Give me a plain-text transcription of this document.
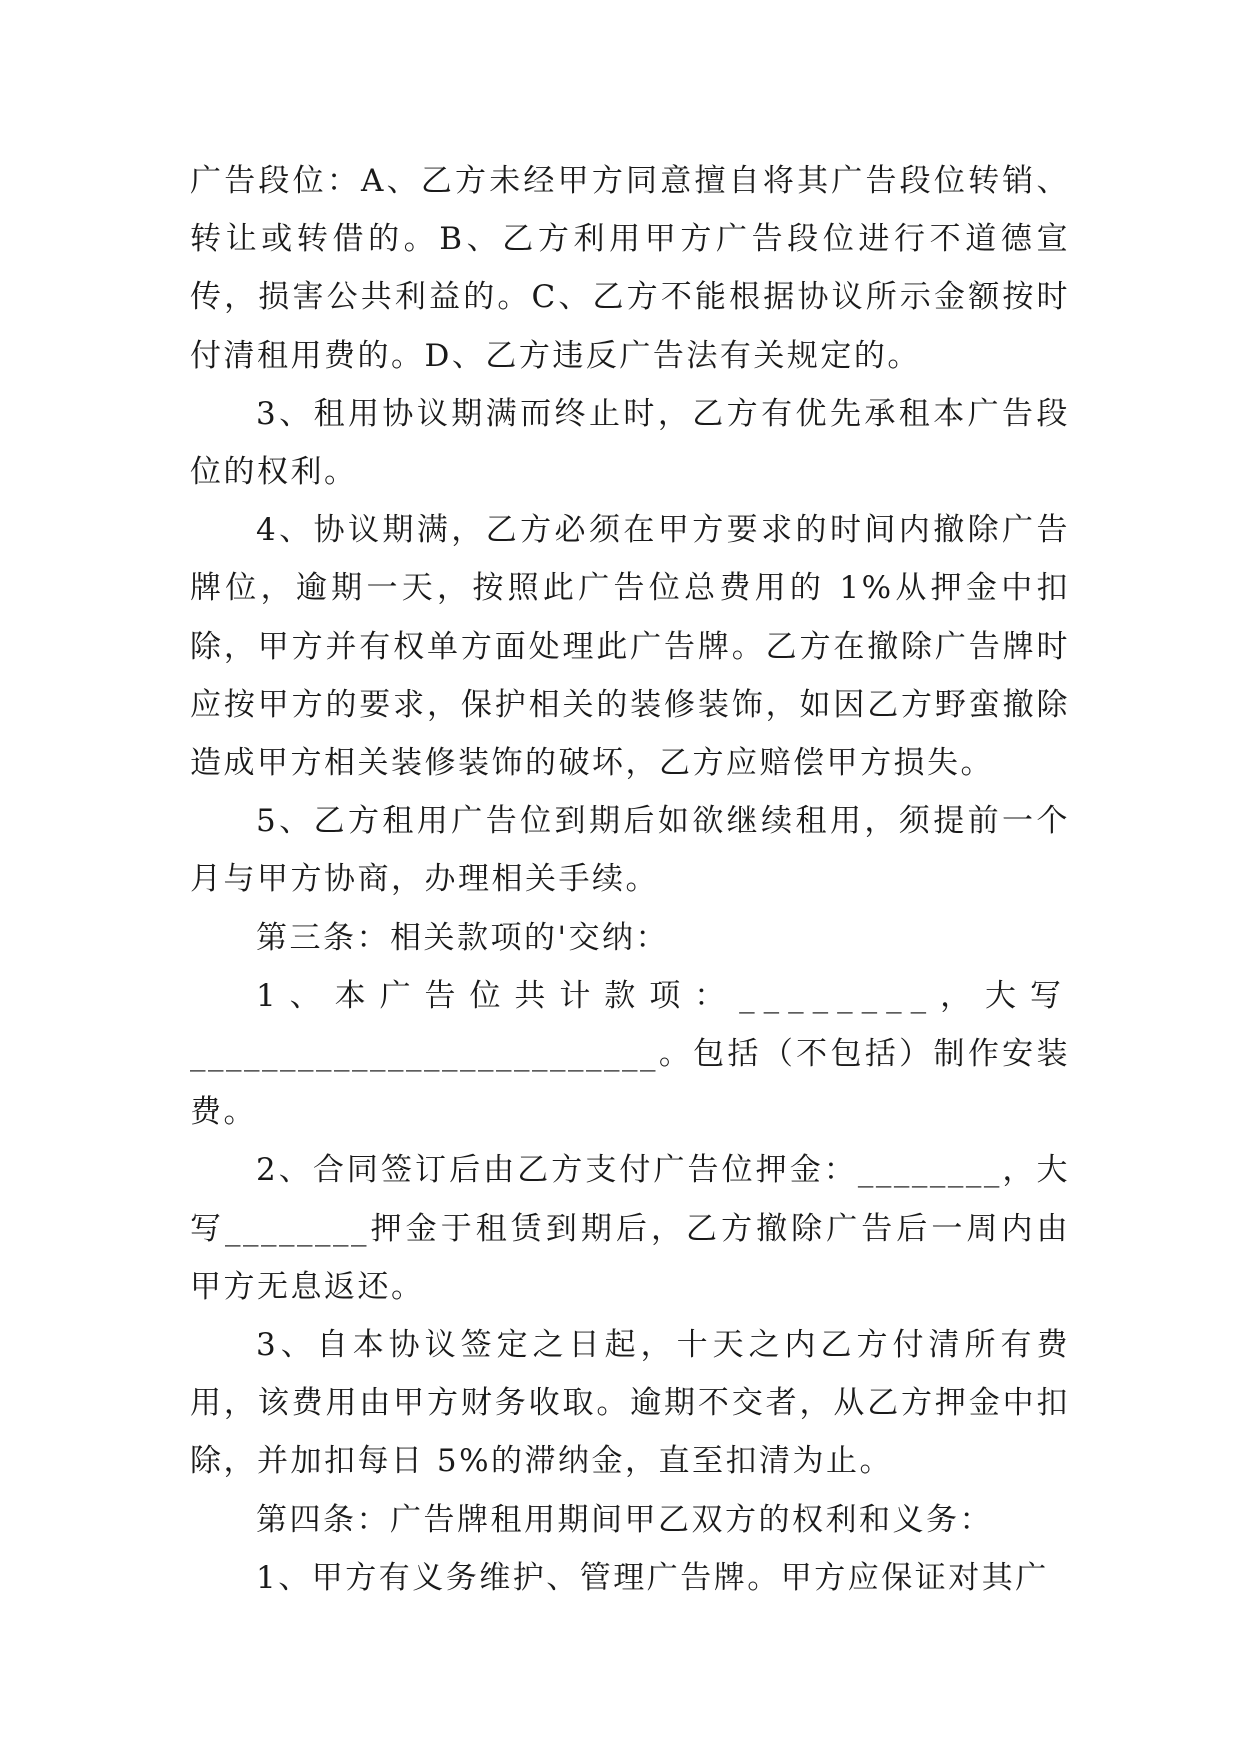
广告段位：A、乙方未经甲方同意擅自将其广告段位转销、转让或转借的。B、乙方利用甲方广告段位进行不道德宣传，损害公共利益的。C、乙方不能根据协议所示金额按时付清租用费的。D、乙方违反广告法有关规定的。

3、租用协议期满而终止时，乙方有优先承租本广告段位的权利。

4、协议期满，乙方必须在甲方要求的时间内撤除广告牌位，逾期一天，按照此广告位总费用的 1%从押金中扣除，甲方并有权单方面处理此广告牌。乙方在撤除广告牌时应按甲方的要求，保护相关的装修装饰，如因乙方野蛮撤除造成甲方相关装修装饰的破坏，乙方应赔偿甲方损失。

5、乙方租用广告位到期后如欲继续租用，须提前一个月与甲方协商，办理相关手续。

第三条：相关款项的'交纳：

1、本广告位共计款项：________，大写

__________________________。包括（不包括）制作安装费。

2、合同签订后由乙方支付广告位押金：________，大写________押金于租赁到期后，乙方撤除广告后一周内由甲方无息返还。

3、自本协议签定之日起，十天之内乙方付清所有费用，该费用由甲方财务收取。逾期不交者，从乙方押金中扣除，并加扣每日 5%的滞纳金，直至扣清为止。

第四条：广告牌租用期间甲乙双方的权利和义务：

1、甲方有义务维护、管理广告牌。甲方应保证对其广
